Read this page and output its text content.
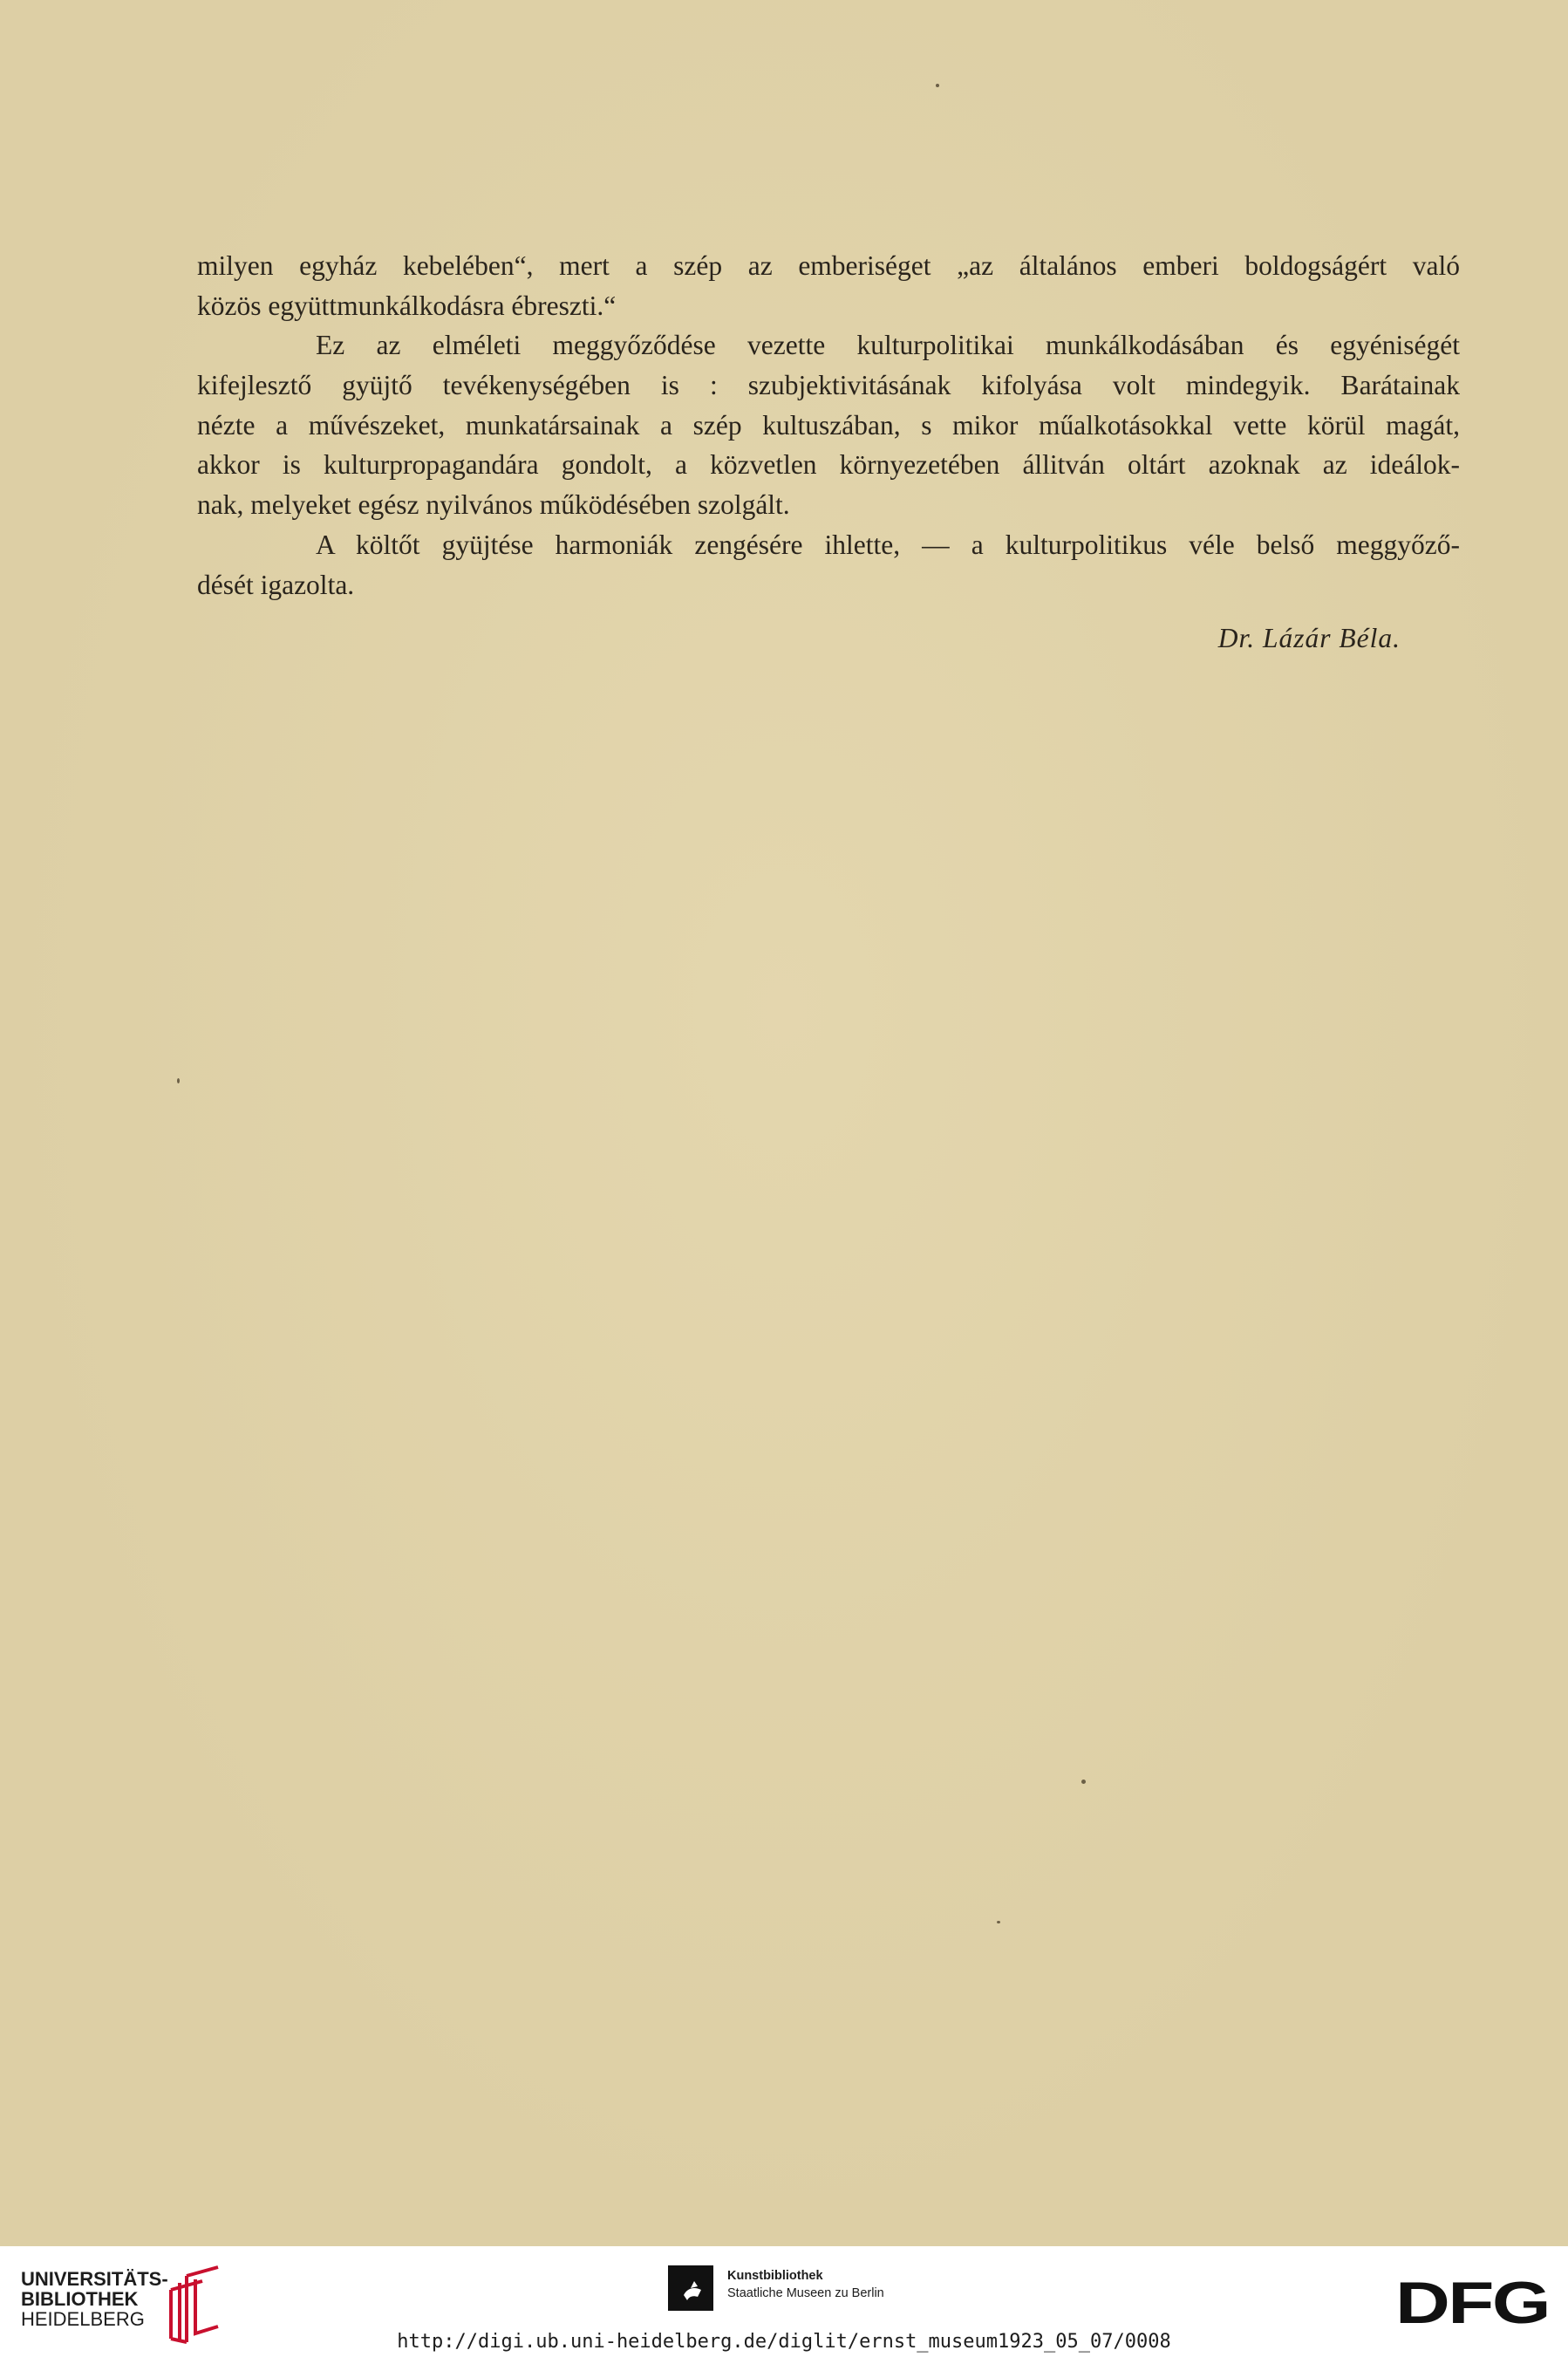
milyen egyház kebelében“, mert a szép az emberiséget „az általános emberi boldogságért való
közös együttmunkálkodásra ébreszti.“
Ez az elméleti meggyőződése vezette kulturpolitikai munkálkodásában és egyéniségét
kifejlesztő gyüjtő tevékenységében is : szubjektivitásának kifolyása volt mindegyik. Barátainak
nézte a művészeket, munkatársainak a szép kultuszában, s mikor műalkotásokkal vette körül magát,
akkor is kulturpropagandára gondolt, a közvetlen környezetében állitván oltárt azoknak az ideálok-
nak, melyeket egész nyilvános működésében szolgált.
A költőt gyüjtése harmoniák zengésére ihlette, — a kulturpolitikus véle belső meggyőző-
dését igazolta.
Dr. Lázár Béla.
UNIVERSITÄTS-
BIBLIOTHEK
HEIDELBERG
Kunstbibliothek
Staatliche Museen zu Berlin	DFG
http://digi.ub.uni-heidelberg.de/diglit/ernst_museum1923_05_07/0008
